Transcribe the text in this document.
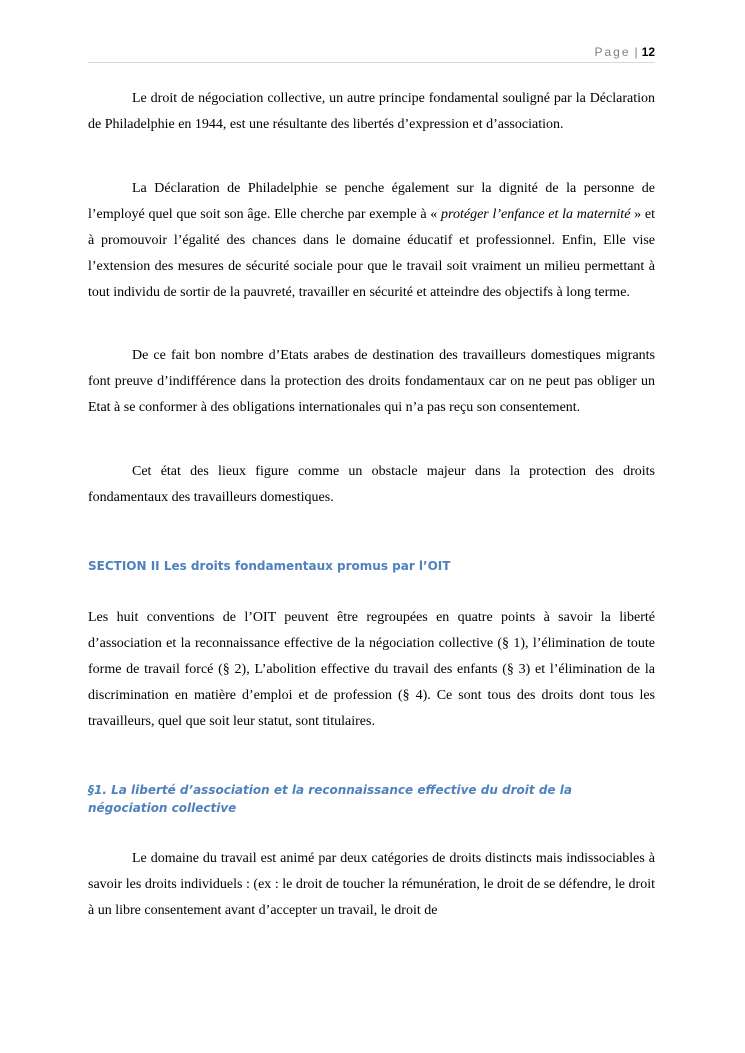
Page | 12

Le droit de négociation collective, un autre principe fondamental souligné par la Déclaration de Philadelphie en 1944, est une résultante des libertés d’expression et d’association.

La Déclaration de Philadelphie se penche également sur la dignité de la personne de l’employé quel que soit son âge. Elle cherche par exemple à « protéger l’enfance et la maternité » et à promouvoir l’égalité des chances dans le domaine éducatif et professionnel. Enfin, Elle vise l’extension des mesures de sécurité sociale pour que le travail soit vraiment un milieu permettant à tout individu de sortir de la pauvreté, travailler en sécurité et atteindre des objectifs à long terme.

De ce fait bon nombre d’Etats arabes de destination des travailleurs domestiques migrants font preuve d’indifférence dans la protection des droits fondamentaux car on ne peut pas obliger un Etat à se conformer à des obligations internationales qui n’a pas reçu son consentement.

Cet état des lieux figure comme un obstacle majeur dans la protection des droits fondamentaux des travailleurs domestiques.

SECTION II Les droits fondamentaux promus par l’OIT

Les huit conventions de l’OIT peuvent être regroupées en quatre points à savoir la liberté d’association et la reconnaissance effective de la négociation collective (§ 1), l’élimination de toute forme de travail forcé (§ 2), L’abolition effective du travail des enfants (§ 3) et l’élimination de la discrimination en matière d’emploi et de profession (§ 4). Ce sont tous des droits dont tous les travailleurs, quel que soit leur statut, sont titulaires.

§1. La liberté d’association et la reconnaissance effective du droit de la négociation collective

Le domaine du travail est animé par deux catégories de droits distincts mais indissociables à savoir les droits individuels : (ex : le droit de toucher la rémunération, le droit de se défendre, le droit à un libre consentement avant d’accepter un travail, le droit de
